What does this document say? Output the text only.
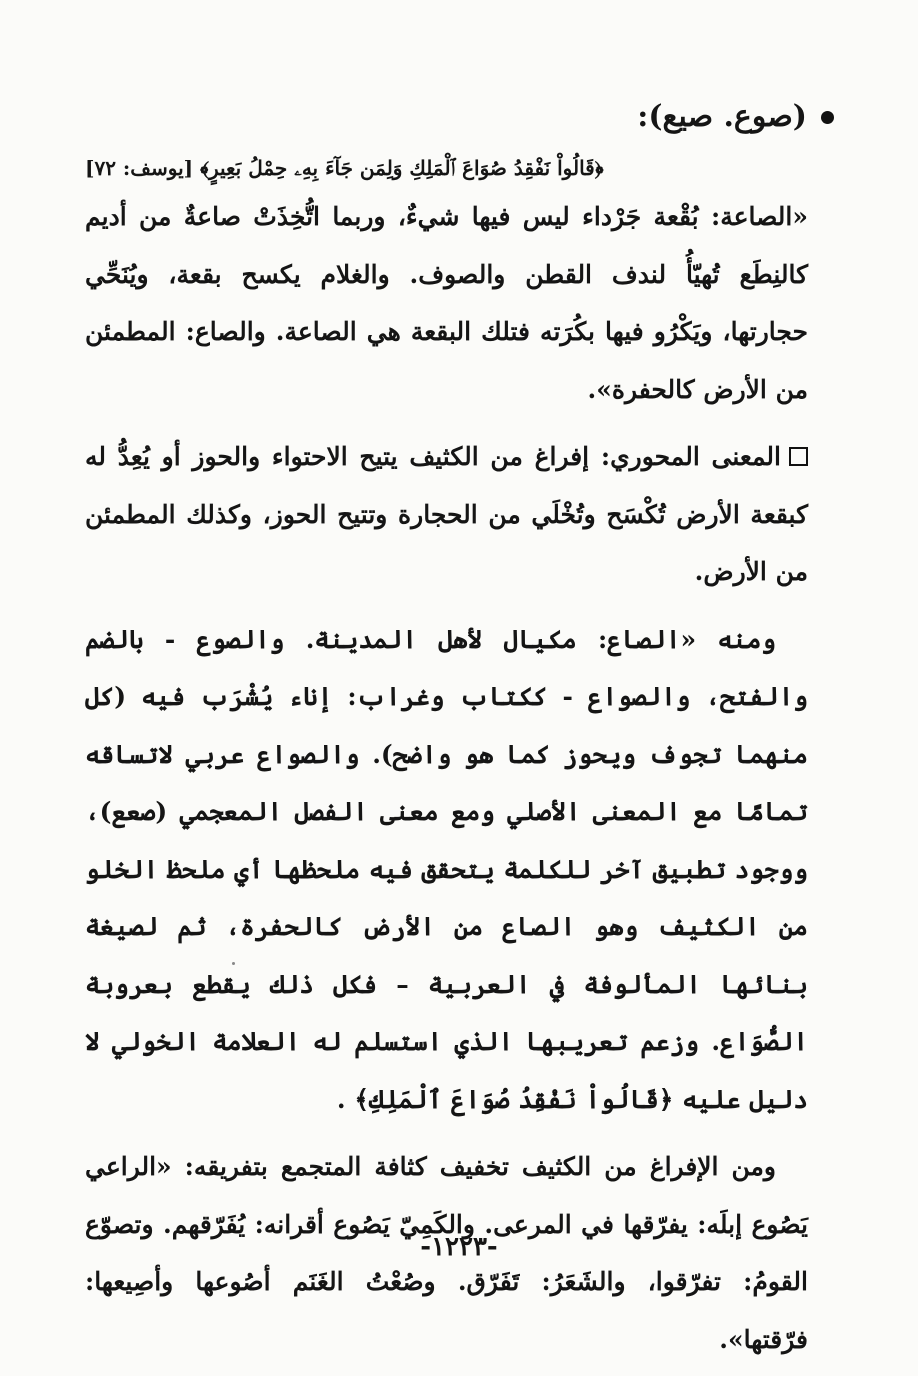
(صوع. صيع):

﴿قَالُواْ نَفْقِدُ صُوَاعَ ٱلْمَلِكِ وَلِمَن جَآءَ بِهِۦ حِمْلُ بَعِيرٍ﴾ [يوسف: ٧٢]

«الصاعة: بُقْعة جَرْداء ليس فيها شيءٌ، وربما اتُّخِذَتْ صاعةٌ من أديم كالنِطَع تُهيّأُ لندف القطن والصوف. والغلام يكسح بقعة، ويُنَحِّي حجارتها، ويَكْرُو فيها بكُرَته فتلك البقعة هي الصاعة. والصاع: المطمئن من الأرض كالحفرة».

المعنى المحوري: إفراغ من الكثيف يتيح الاحتواء والحوز أو يُعِدُّ له كبقعة الأرض تُكْسَح وتُخْلَي من الحجارة وتتيح الحوز، وكذلك المطمئن من الأرض.

ومنه «الصاع: مكيال لأهل المدينة. والصوع - بالضم والفتح، والصواع - ككتاب وغراب: إناء يُشْرَب فيه (كل منهما تجوف ويحوز كما هو واضح). والصواع عربي لاتساقه تمامًا مع المعنى الأصلي ومع معنى الفصل المعجمي (صعع)، ووجود تطبيق آخر للكلمة يتحقق فيه ملحظها أي ملحظ الخلو من الكثيف وهو الصاع من الأرض كالحفرة، ثم لصيغة بنائها المألوفة في العربية – فكل ذلك يقطع بعروبة الصُّوَاع. وزعم تعريبها الذي استسلم له العلامة الخولي لا دليل عليه ﴿قَالُواْ نَفْقِدُ صُوَاعَ ٱلْمَلِكِ﴾ .

ومن الإفراغ من الكثيف تخفيف كثافة المتجمع بتفريقه: «الراعي يَصُوع إبلَه: يفرّقها في المرعى. والكَمِيّ يَصُوع أقرانه: يُفَرّقهم. وتصوّع القومُ: تفرّقوا، والشَعَرُ: تَفَرّق. وصُعْتُ الغَنَم أصُوعها وأصِيعها: فرّقتها».

-١٢٢٣-
